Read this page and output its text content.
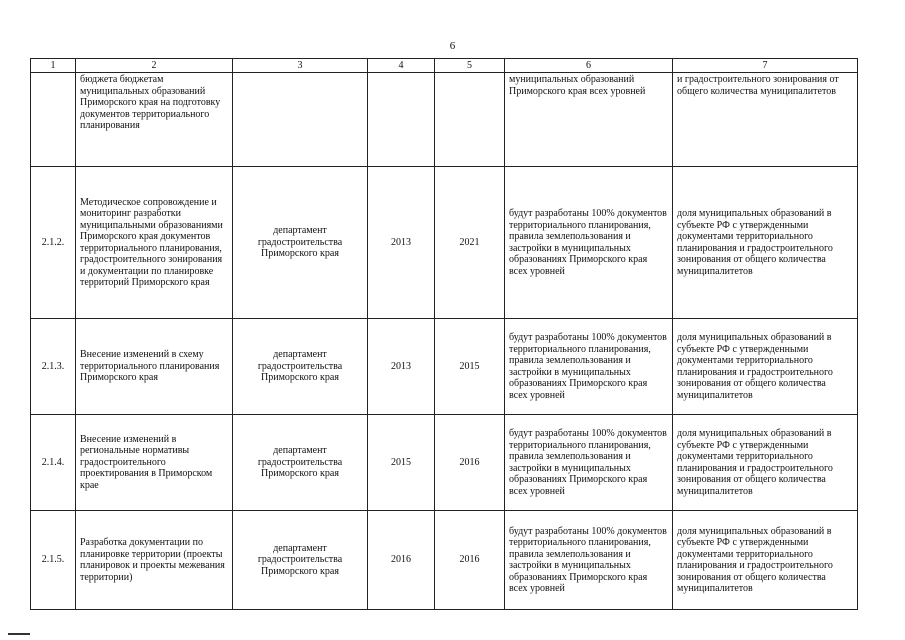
6
1	2	3	4	5	6	7
	бюджета бюджетам муниципальных образований Приморского края на подготовку документов территориального планирования				муниципальных образований Приморского края всех уровней	и градостроительного зонирования от общего количества муниципалитетов
2.1.2.	Методическое сопровождение и мониторинг разработки муниципальными образованиями Приморского края документов территориального планирования, градостроительного зонирования и документации по планировке территорий Приморского края	департамент градостроительства Приморского края	2013	2021	будут разработаны 100% документов территориального планирования, правила землепользования и застройки в муниципальных образованиях Приморского края всех уровней	доля муниципальных образований в субъекте РФ с утвержденными документами территориального планирования и градостроительного зонирования от общего количества муниципалитетов
2.1.3.	Внесение изменений в схему территориального планирования Приморского края	департамент градостроительства Приморского края	2013	2015	будут разработаны 100% документов территориального планирования, правила землепользования и застройки в муниципальных образованиях Приморского края всех уровней	доля муниципальных образований в субъекте РФ с утвержденными документами территориального планирования и градостроительного зонирования от общего количества муниципалитетов
2.1.4.	Внесение изменений в региональные нормативы градостроительного проектирования в Приморском крае	департамент градостроительства Приморского края	2015	2016	будут разработаны 100% документов территориального планирования, правила землепользования и застройки в муниципальных образованиях Приморского края всех уровней	доля муниципальных образований в субъекте РФ с утвержденными документами территориального планирования и градостроительного зонирования от общего количества муниципалитетов
2.1.5.	Разработка документации по планировке территории (проекты планировок и проекты межевания территории)	департамент градостроительства Приморского края	2016	2016	будут разработаны 100% документов территориального планирования, правила землепользования и застройки в муниципальных образованиях Приморского края всех уровней	доля муниципальных образований в субъекте РФ с утвержденными документами территориального планирования и градостроительного зонирования от общего количества муниципалитетов
